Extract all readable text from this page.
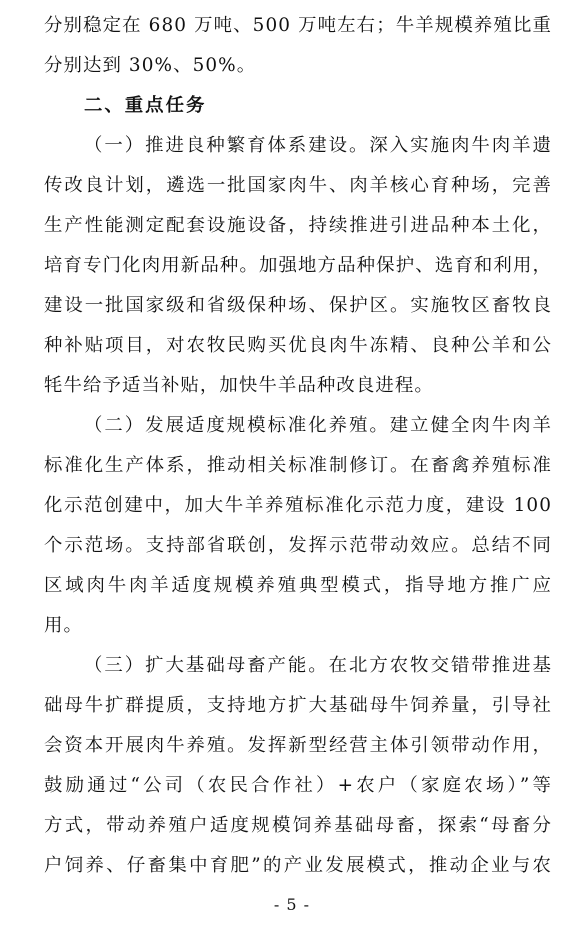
分别稳定在 680 万吨、500 万吨左右；牛羊规模养殖比重
分别达到 30%、50%。
二、重点任务
（一）推进良种繁育体系建设。深入实施肉牛肉羊遗
传改良计划，遴选一批国家肉牛、肉羊核心育种场，完善
生产性能测定配套设施设备，持续推进引进品种本土化，
培育专门化肉用新品种。加强地方品种保护、选育和利用，
建设一批国家级和省级保种场、保护区。实施牧区畜牧良
种补贴项目，对农牧民购买优良肉牛冻精、良种公羊和公
牦牛给予适当补贴，加快牛羊品种改良进程。
（二）发展适度规模标准化养殖。建立健全肉牛肉羊
标准化生产体系，推动相关标准制修订。在畜禽养殖标准
化示范创建中，加大牛羊养殖标准化示范力度，建设 100
个示范场。支持部省联创，发挥示范带动效应。总结不同
区域肉牛肉羊适度规模养殖典型模式，指导地方推广应
用。
（三）扩大基础母畜产能。在北方农牧交错带推进基
础母牛扩群提质，支持地方扩大基础母牛饲养量，引导社
会资本开展肉牛养殖。发挥新型经营主体引领带动作用，
鼓励通过“公司（农民合作社）+农户（家庭农场）”等
- 5 -
方式，带动养殖户适度规模饲养基础母畜，探索“母畜分
户饲养、仔畜集中育肥”的产业发展模式，推动企业与农
